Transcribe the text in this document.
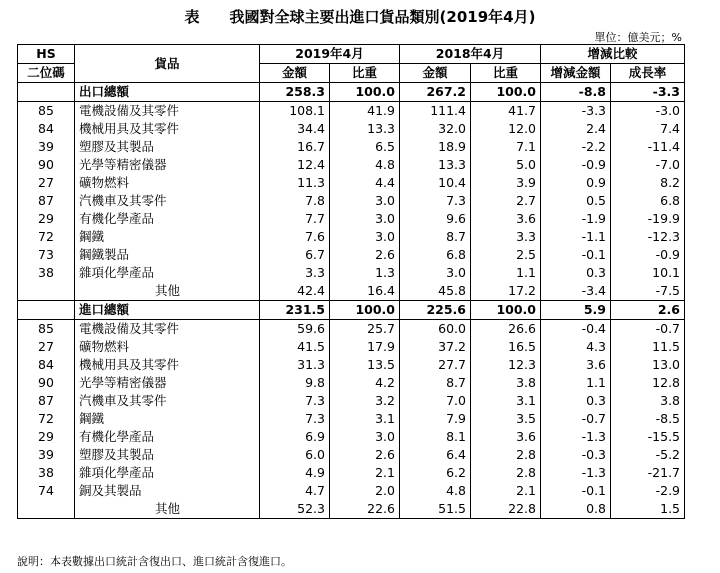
表　　我國對全球主要出進口貨品類別(2019年4月)
單位：億美元；%
HS	貨品	2019年4月		2018年4月		增減比較	
二位碼		金額	比重	金額	比重	增減金額	成長率
	出口總額	258.3	100.0	267.2	100.0	-8.8	-3.3
85	電機設備及其零件	108.1	41.9	111.4	41.7	-3.3	-3.0
84	機械用具及其零件	34.4	13.3	32.0	12.0	2.4	7.4
39	塑膠及其製品	16.7	6.5	18.9	7.1	-2.2	-11.4
90	光學等精密儀器	12.4	4.8	13.3	5.0	-0.9	-7.0
27	礦物燃料	11.3	4.4	10.4	3.9	0.9	8.2
87	汽機車及其零件	7.8	3.0	7.3	2.7	0.5	6.8
29	有機化學產品	7.7	3.0	9.6	3.6	-1.9	-19.9
72	鋼鐵	7.6	3.0	8.7	3.3	-1.1	-12.3
73	鋼鐵製品	6.7	2.6	6.8	2.5	-0.1	-0.9
38	雜項化學產品	3.3	1.3	3.0	1.1	0.3	10.1
	其他	42.4	16.4	45.8	17.2	-3.4	-7.5
	進口總額	231.5	100.0	225.6	100.0	5.9	2.6
85	電機設備及其零件	59.6	25.7	60.0	26.6	-0.4	-0.7
27	礦物燃料	41.5	17.9	37.2	16.5	4.3	11.5
84	機械用具及其零件	31.3	13.5	27.7	12.3	3.6	13.0
90	光學等精密儀器	9.8	4.2	8.7	3.8	1.1	12.8
87	汽機車及其零件	7.3	3.2	7.0	3.1	0.3	3.8
72	鋼鐵	7.3	3.1	7.9	3.5	-0.7	-8.5
29	有機化學產品	6.9	3.0	8.1	3.6	-1.3	-15.5
39	塑膠及其製品	6.0	2.6	6.4	2.8	-0.3	-5.2
38	雜項化學產品	4.9	2.1	6.2	2.8	-1.3	-21.7
74	銅及其製品	4.7	2.0	4.8	2.1	-0.1	-2.9
	其他	52.3	22.6	51.5	22.8	0.8	1.5
說明：本表數據出口統計含復出口、進口統計含復進口。
